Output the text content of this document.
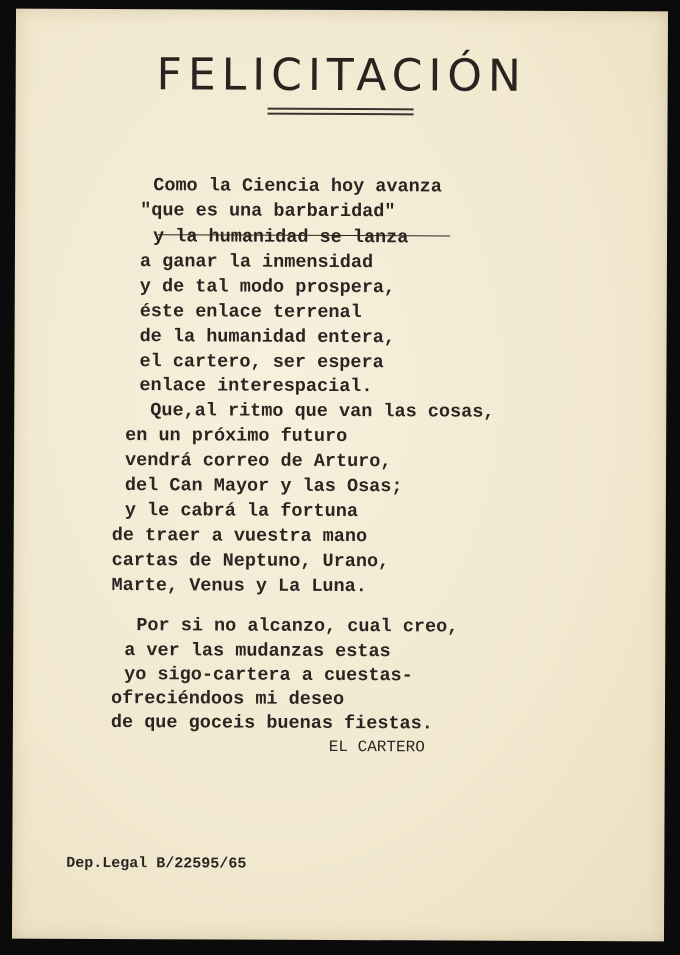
FELICITACIÓN
Como la Ciencia hoy avanza
"que es una barbaridad"
y la humanidad se lanza
a ganar la inmensidad
y de tal modo prospera,
éste enlace terrenal
de la humanidad entera,
el cartero, ser espera
enlace interespacial.
Que,al ritmo que van las cosas,
en un próximo futuro
vendrá correo de Arturo,
del Can Mayor y las Osas;
y le cabrá la fortuna
de traer a vuestra mano
cartas de Neptuno, Urano,
Marte, Venus y La Luna.
Por si no alcanzo, cual creo,
a ver las mudanzas estas
yo sigo-cartera a cuestas-
ofreciéndoos mi deseo
de que goceis buenas fiestas.
EL CARTERO
Dep.Legal B/22595/65
